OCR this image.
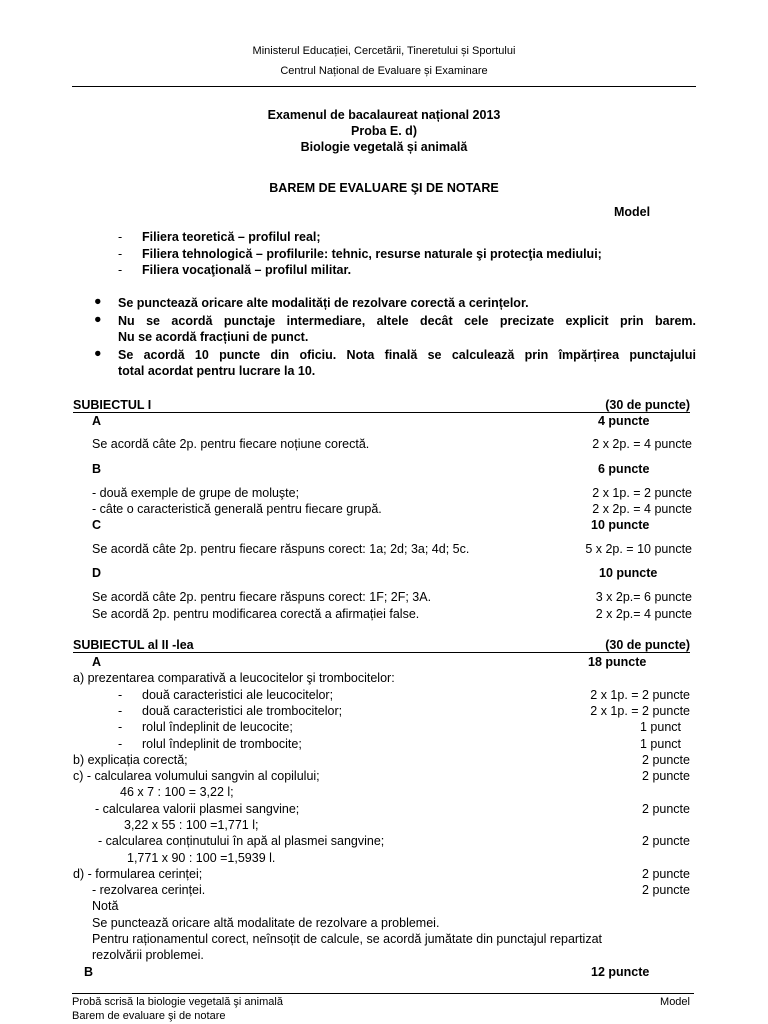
Ministerul Educației, Cercetării, Tineretului și Sportului
Centrul Național de Evaluare și Examinare
Examenul de bacalaureat național 2013
Proba E. d)
Biologie vegetală și animală
BAREM DE EVALUARE ŞI DE NOTARE
Model
- Filiera teoretică – profilul real;
- Filiera tehnologică – profilurile: tehnic, resurse naturale şi protecţia mediului;
- Filiera vocaţională – profilul militar.
● Se punctează oricare alte modalități de rezolvare corectă a cerințelor.
● Nu se acordă punctaje intermediare, altele decât cele precizate explicit prin barem.
Nu se acordă fracțiuni de punct.
● Se acordă 10 puncte din oficiu. Nota finală se calculează prin împărțirea punctajului
total acordat pentru lucrare la 10.
SUBIECTUL I	(30 de puncte)
A	4 puncte
Se acordă câte 2p. pentru fiecare noțiune corectă.	2 x 2p. = 4 puncte
B	6 puncte
- două exemple de grupe de moluşte;	2 x 1p. = 2 puncte
- câte o caracteristică generală pentru fiecare grupă.	2 x 2p. = 4 puncte
C	10 puncte
Se acordă câte 2p. pentru fiecare răspuns corect: 1a; 2d; 3a; 4d; 5c.	5 x 2p. = 10 puncte
D	10 puncte
Se acordă câte 2p. pentru fiecare răspuns corect: 1F; 2F; 3A.	3 x 2p.= 6 puncte
Se acordă 2p. pentru modificarea corectă a afirmației false.	2 x 2p.= 4 puncte
SUBIECTUL al II -lea	(30 de puncte)
A	18 puncte
a) prezentarea comparativă a leucocitelor şi trombocitelor:
- două caracteristici ale leucocitelor;	2 x 1p. = 2 puncte
- două caracteristici ale trombocitelor;	2 x 1p. = 2 puncte
- rolul îndeplinit de leucocite;	1 punct
- rolul îndeplinit de trombocite;	1 punct
b) explicația corectă;	2 puncte
c) - calcularea volumului sangvin al copilului;	2 puncte
46 x 7 : 100 = 3,22 l;
- calcularea valorii plasmei sangvine;	2 puncte
3,22 x 55 : 100 =1,771 l;
- calcularea conținutului în apă al plasmei sangvine;	2 puncte
1,771 x 90 : 100 =1,5939 l.
d) - formularea cerinței;	2 puncte
- rezolvarea cerinței.	2 puncte
Notă
Se punctează oricare altă modalitate de rezolvare a problemei.
Pentru raționamentul corect, neînsoțit de calcule, se acordă jumătate din punctajul repartizat
rezolvării problemei.
B	12 puncte
Probă scrisă la biologie vegetală şi animală
Barem de evaluare şi de notare
Model
